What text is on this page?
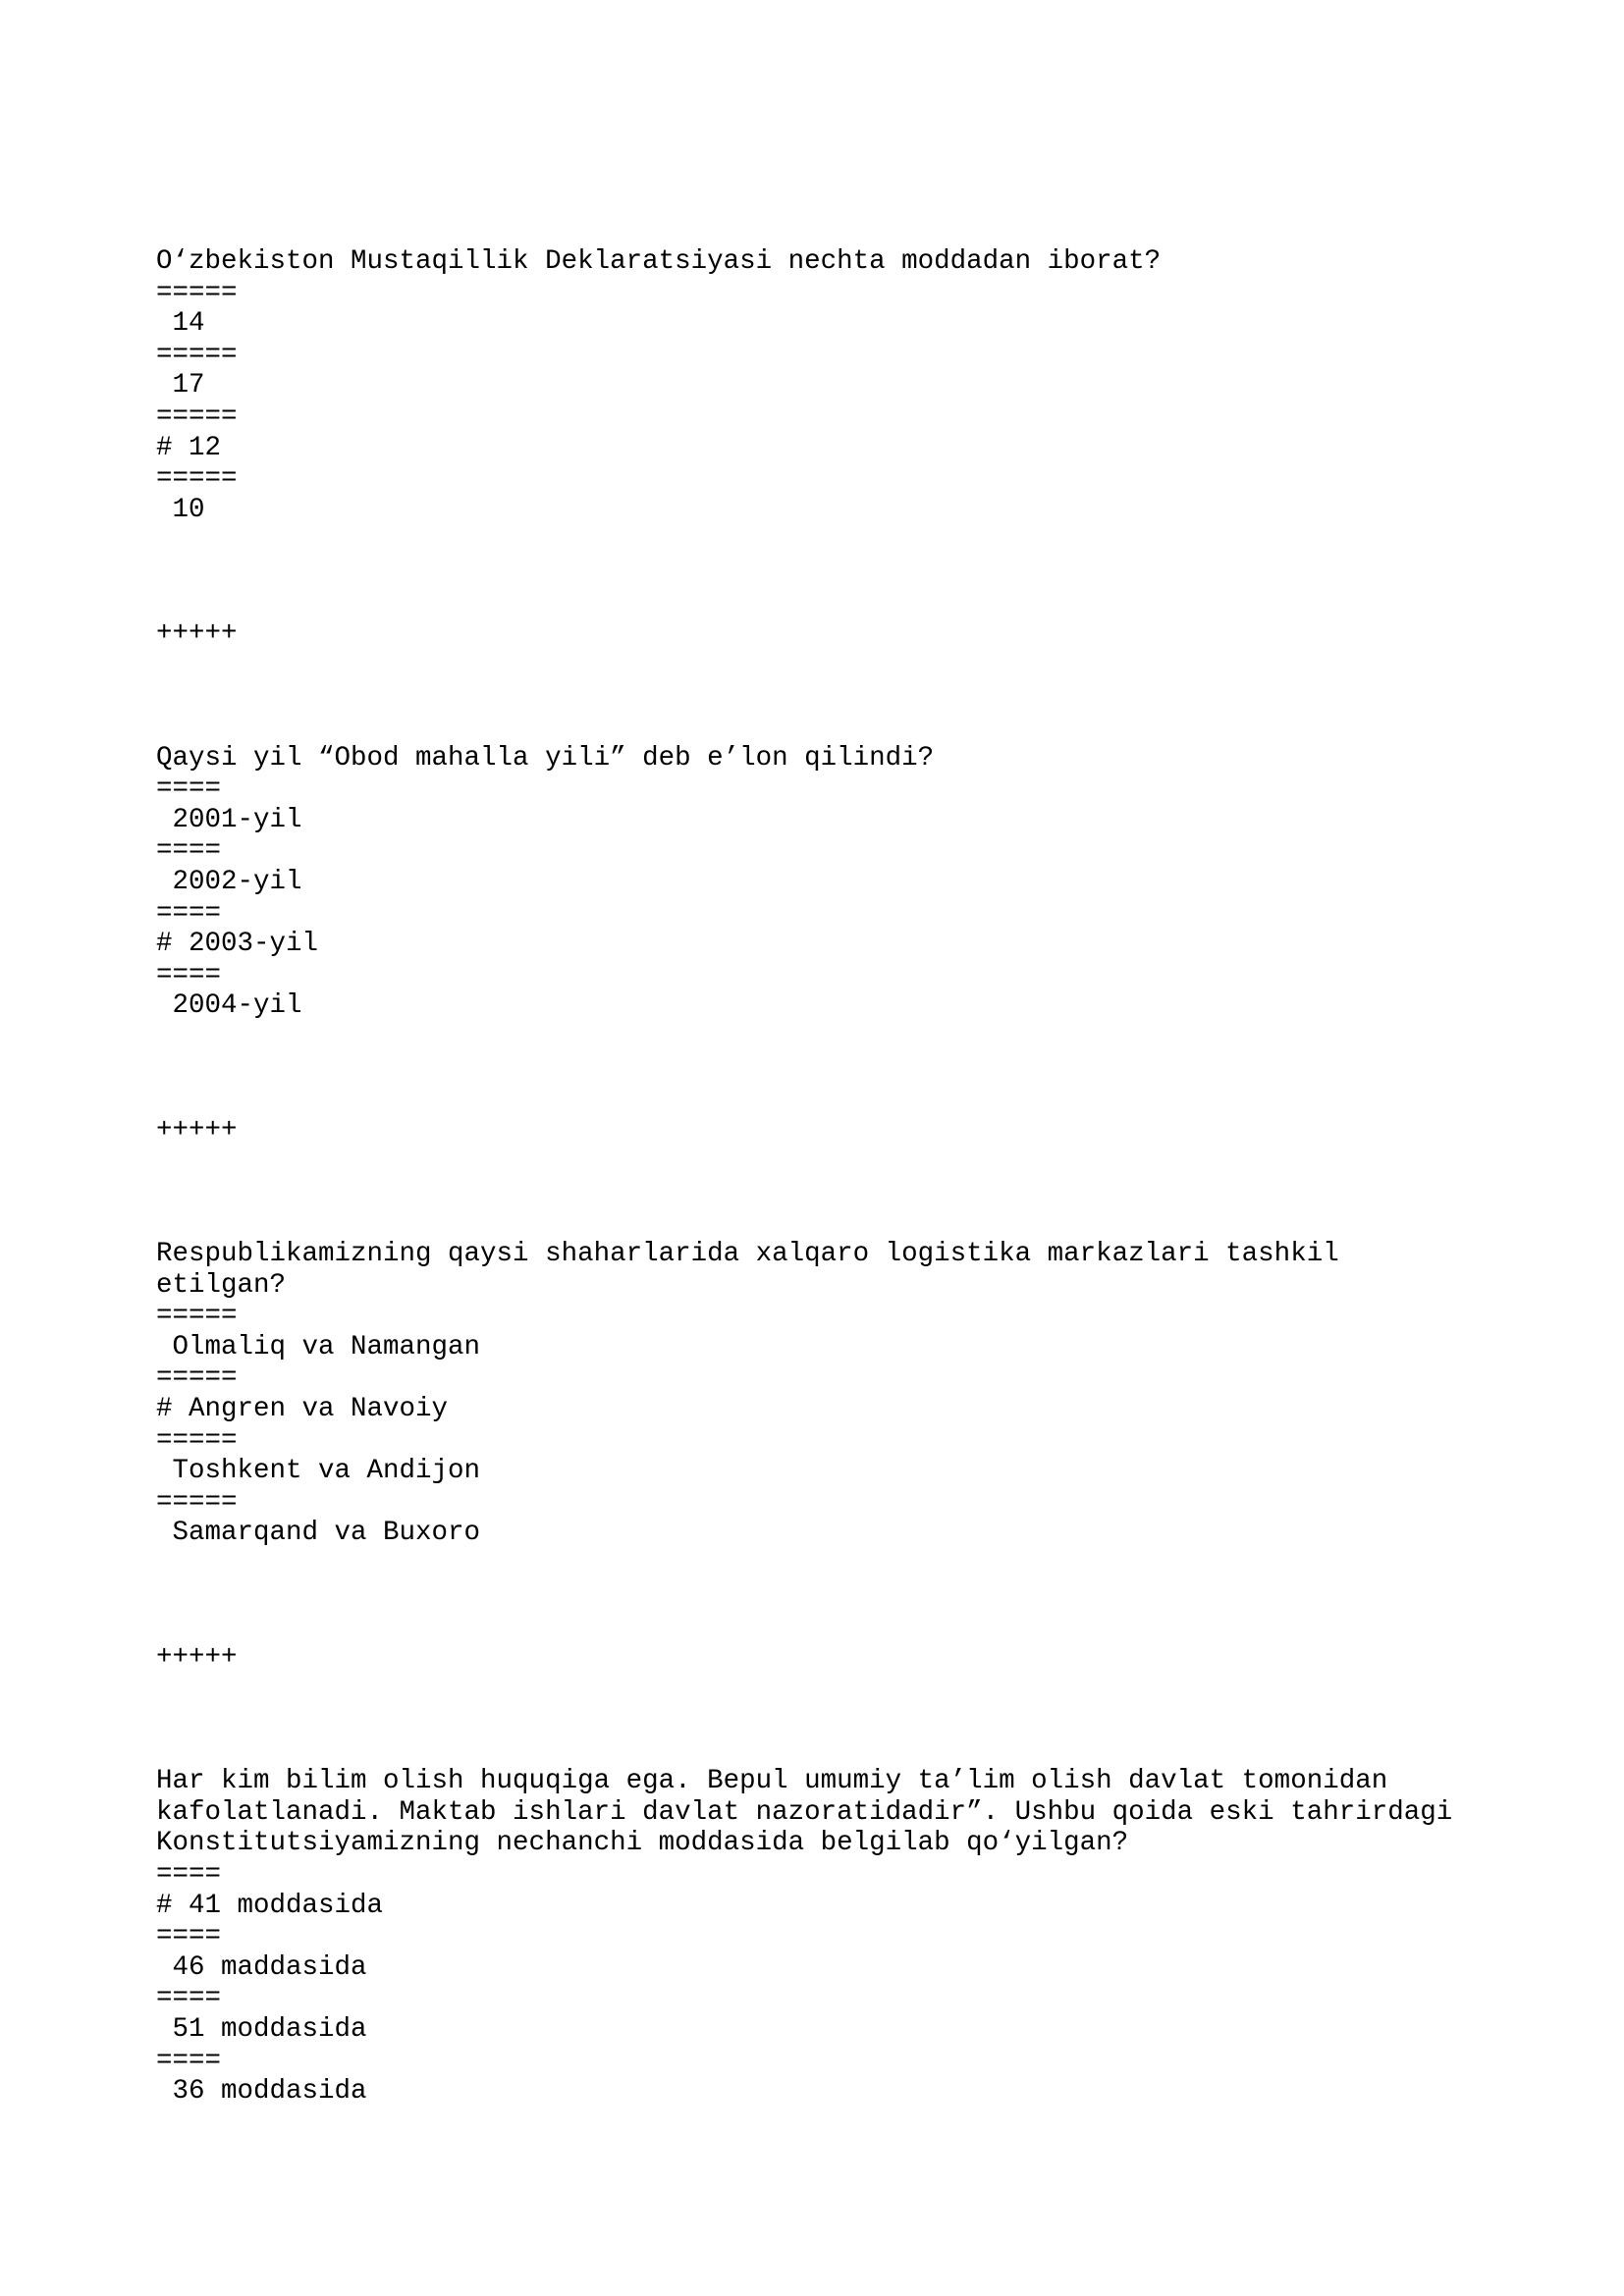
O‘zbekiston Mustaqillik Deklaratsiyasi nechta moddadan iborat?
=====
14
=====
17
=====
# 12
=====
10
+++++
Qaysi yil “Obod mahalla yili” deb e’lon qilindi?
====
2001-yil
====
2002-yil
====
# 2003-yil
====
2004-yil
+++++
Respublikamizning qaysi shaharlarida xalqaro logistika markazlari tashkil
etilgan?
=====
Olmaliq va Namangan
=====
# Angren va Navoiy
=====
Toshkent va Andijon
=====
Samarqand va Buxoro
+++++
Har kim bilim olish huquqiga ega. Bepul umumiy ta’lim olish davlat tomonidan
kafolatlanadi. Maktab ishlari davlat nazoratidadir”. Ushbu qoida eski tahrirdagi
Konstitutsiyamizning nechanchi moddasida belgilab qo‘yilgan?
====
# 41 moddasida
====
46 maddasida
====
51 moddasida
====
36 moddasida
